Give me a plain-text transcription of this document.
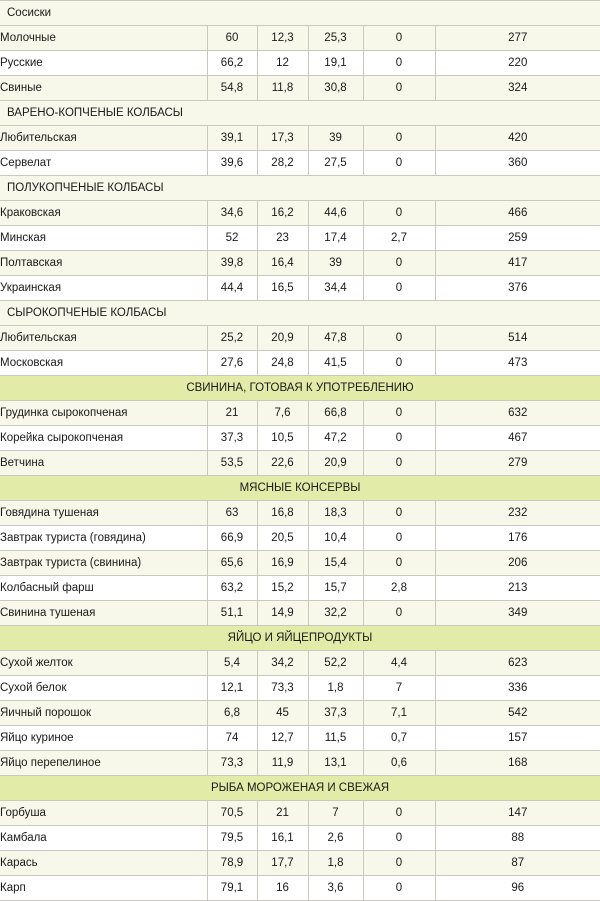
Сосиски					
Молочные	60	12,3	25,3	0	277
Русские	66,2	12	19,1	0	220
Свиные	54,8	11,8	30,8	0	324
ВАРЕНО-КОПЧЕНЫЕ КОЛБАСЫ					
Любительская	39,1	17,3	39	0	420
Сервелат	39,6	28,2	27,5	0	360
ПОЛУКОПЧЕНЫЕ КОЛБАСЫ					
Краковская	34,6	16,2	44,6	0	466
Минская	52	23	17,4	2,7	259
Полтавская	39,8	16,4	39	0	417
Украинская	44,4	16,5	34,4	0	376
СЫРОКОПЧЕНЫЕ КОЛБАСЫ					
Любительская	25,2	20,9	47,8	0	514
Московская	27,6	24,8	41,5	0	473
СВИНИНА, ГОТОВАЯ К УПОТРЕБЛЕНИЮ					
Грудинка сырокопченая	21	7,6	66,8	0	632
Корейка сырокопченая	37,3	10,5	47,2	0	467
Ветчина	53,5	22,6	20,9	0	279
МЯСНЫЕ КОНСЕРВЫ					
Говядина тушеная	63	16,8	18,3	0	232
Завтрак туриста (говядина)	66,9	20,5	10,4	0	176
Завтрак туриста (свинина)	65,6	16,9	15,4	0	206
Колбасный фарш	63,2	15,2	15,7	2,8	213
Свинина тушеная	51,1	14,9	32,2	0	349
ЯЙЦО И ЯЙЦЕПРОДУКТЫ					
Сухой желток	5,4	34,2	52,2	4,4	623
Сухой белок	12,1	73,3	1,8	7	336
Яичный порошок	6,8	45	37,3	7,1	542
Яйцо куриное	74	12,7	11,5	0,7	157
Яйцо перепелиное	73,3	11,9	13,1	0,6	168
РЫБА МОРОЖЕНАЯ И СВЕЖАЯ					
Горбуша	70,5	21	7	0	147
Камбала	79,5	16,1	2,6	0	88
Карась	78,9	17,7	1,8	0	87
Карп	79,1	16	3,6	0	96
